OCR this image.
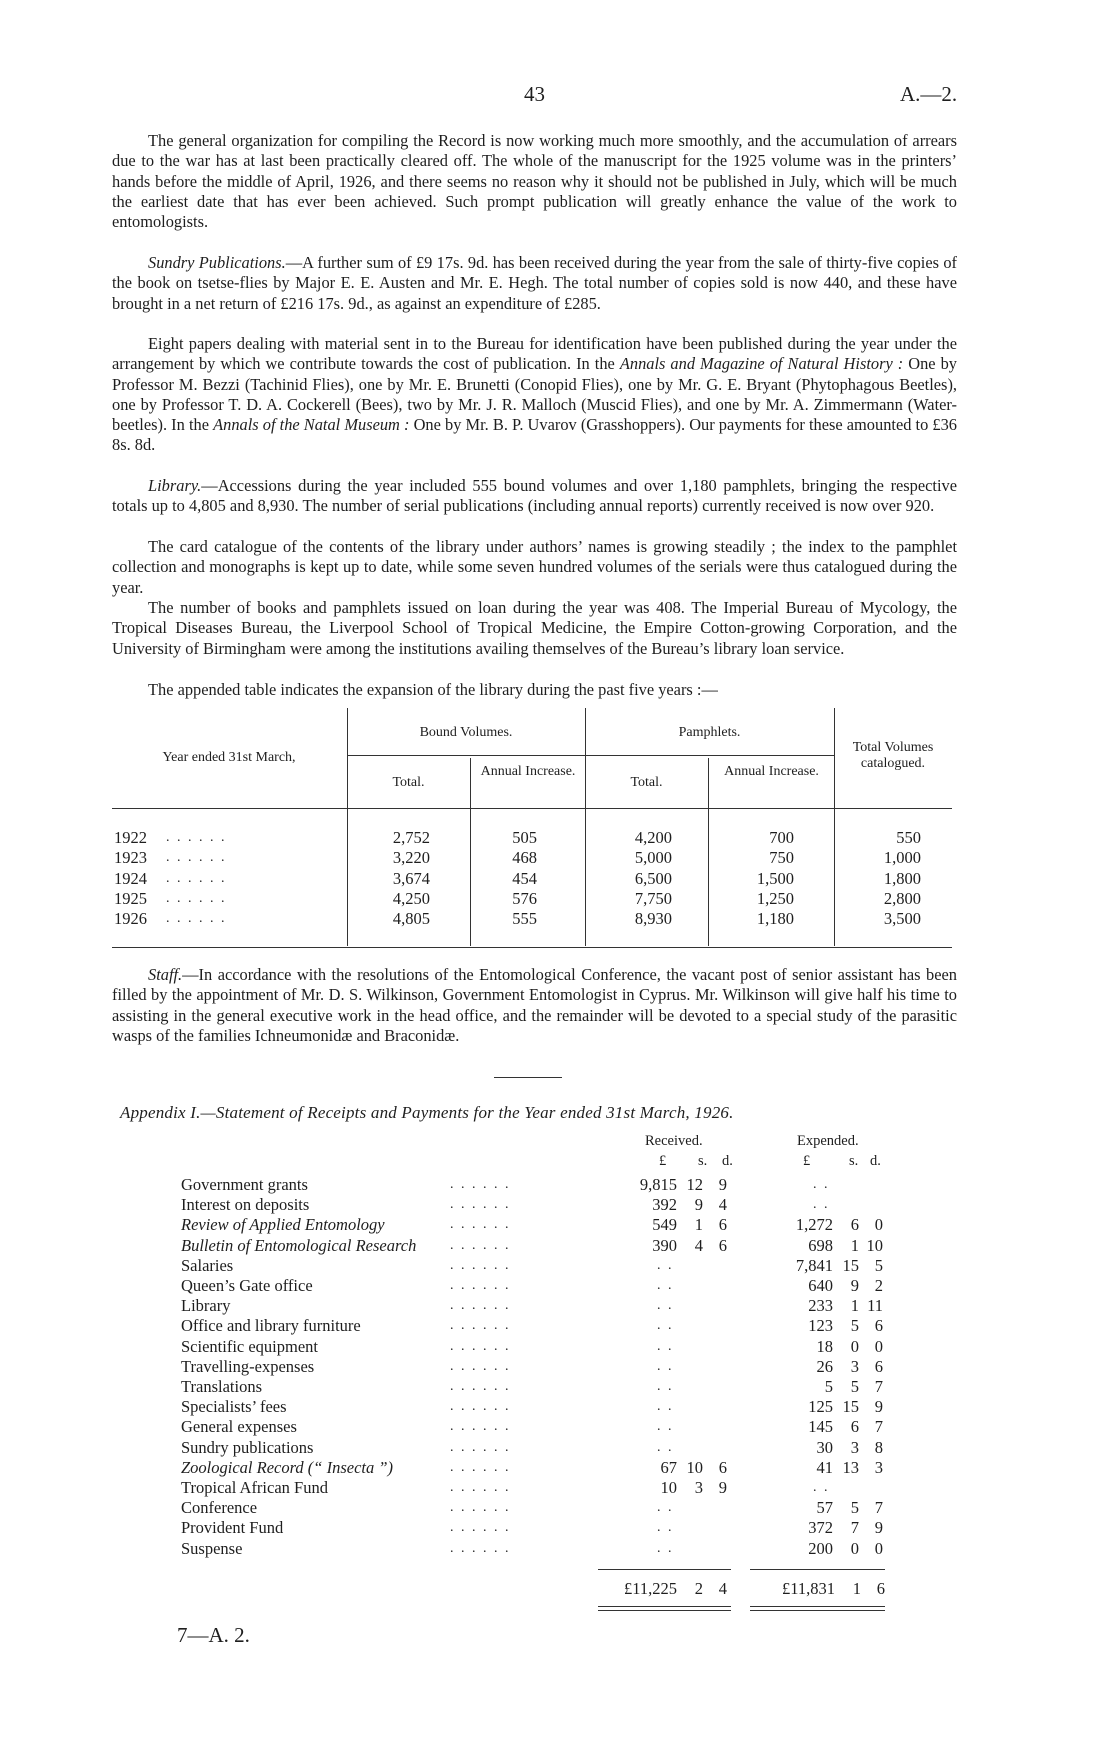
43	A.—2.

The general organization for compiling the Record is now working much more smoothly, and the accumulation of arrears due to the war has at last been practically cleared off. The whole of the manuscript for the 1925 volume was in the printers’ hands before the middle of April, 1926, and there seems no reason why it should not be published in July, which will be much the earliest date that has ever been achieved. Such prompt publication will greatly enhance the value of the work to entomologists.

Sundry Publications.—A further sum of £9 17s. 9d. has been received during the year from the sale of thirty-five copies of the book on tsetse-flies by Major E. E. Austen and Mr. E. Hegh. The total number of copies sold is now 440, and these have brought in a net return of £216 17s. 9d., as against an expenditure of £285.

Eight papers dealing with material sent in to the Bureau for identification have been published during the year under the arrangement by which we contribute towards the cost of publication. In the Annals and Magazine of Natural History : One by Professor M. Bezzi (Tachinid Flies), one by Mr. E. Brunetti (Conopid Flies), one by Mr. G. E. Bryant (Phytophagous Beetles), one by Professor T. D. A. Cockerell (Bees), two by Mr. J. R. Malloch (Muscid Flies), and one by Mr. A. Zimmermann (Water-beetles). In the Annals of the Natal Museum : One by Mr. B. P. Uvarov (Grasshoppers). Our payments for these amounted to £36 8s. 8d.

Library.—Accessions during the year included 555 bound volumes and over 1,180 pamphlets, bringing the respective totals up to 4,805 and 8,930. The number of serial publications (including annual reports) currently received is now over 920.

The card catalogue of the contents of the library under authors’ names is growing steadily ; the index to the pamphlet collection and monographs is kept up to date, while some seven hundred volumes of the serials were thus catalogued during the year.

The number of books and pamphlets issued on loan during the year was 408. The Imperial Bureau of Mycology, the Tropical Diseases Bureau, the Liverpool School of Tropical Medicine, the Empire Cotton-growing Corporation, and the University of Birmingham were among the institutions availing themselves of the Bureau’s library loan service.

The appended table indicates the expansion of the library during the past five years :—

Year ended 31st March,
Bound Volumes.	Pamphlets.
Total.
Annual Increase.
Total.
Annual Increase.
Total Volumes catalogued.
1922 . . . . . .	2,752	505	4,200	700	550
1923 . . . . . .	3,220	468	5,000	750	1,000
1924 . . . . . .	3,674	454	6,500	1,500	1,800
1925 . . . . . .	4,250	576	7,750	1,250	2,800
1926 . . . . . .	4,805	555	8,930	1,180	3,500

Staff.—In accordance with the resolutions of the Entomological Conference, the vacant post of senior assistant has been filled by the appointment of Mr. D. S. Wilkinson, Government Entomologist in Cyprus. Mr. Wilkinson will give half his time to assisting in the general executive work in the head office, and the remainder will be devoted to a special study of the parasitic wasps of the families Ichneumonidæ and Braconidæ.

Appendix I.—Statement of Receipts and Payments for the Year ended 31st March, 1926.
Received.	Expended.
£ s. d.	£	s. d.
Government grants	. . . . . .	9,815 12 9	. .
Interest on deposits	. . . . . .	392	9 4	. .
Review of Applied Entomology	. . . . . .	549	1 6	1,272	6 0
Bulletin of Entomological Research . . . . . .	390	4 6	698	1 10
Salaries	. . . . . .	. .	7,841 15 5
Queen’s Gate office	. . . . . .	. .	640	9 2
Library	. . . . . .	. .	233	1 11
Office and library furniture	. . . . . .	. .	123	5 6
Scientific equipment	. . . . . .	. .	18	0 0
Travelling-expenses	. . . . . .	. .	26	3 6
Translations	. . . . . .	. .	5	5 7
Specialists’ fees	. . . . . .	. .	125 15 9
General expenses	. . . . . .	. .	145	6 7
Sundry publications	. . . . . .	. .	30	3 8
Zoological Record (“ Insecta ”)	. . . . . .	67 10 6	41 13 3
Tropical African Fund	. . . . . .	10	3 9	. .
Conference	. . . . . .	. .	57	5 7
Provident Fund	. . . . . .	. .	372	7 9
Suspense	. . . . . .	. .	200	0 0
£11,225	2 4	£11,831	1 6
7—A. 2.
